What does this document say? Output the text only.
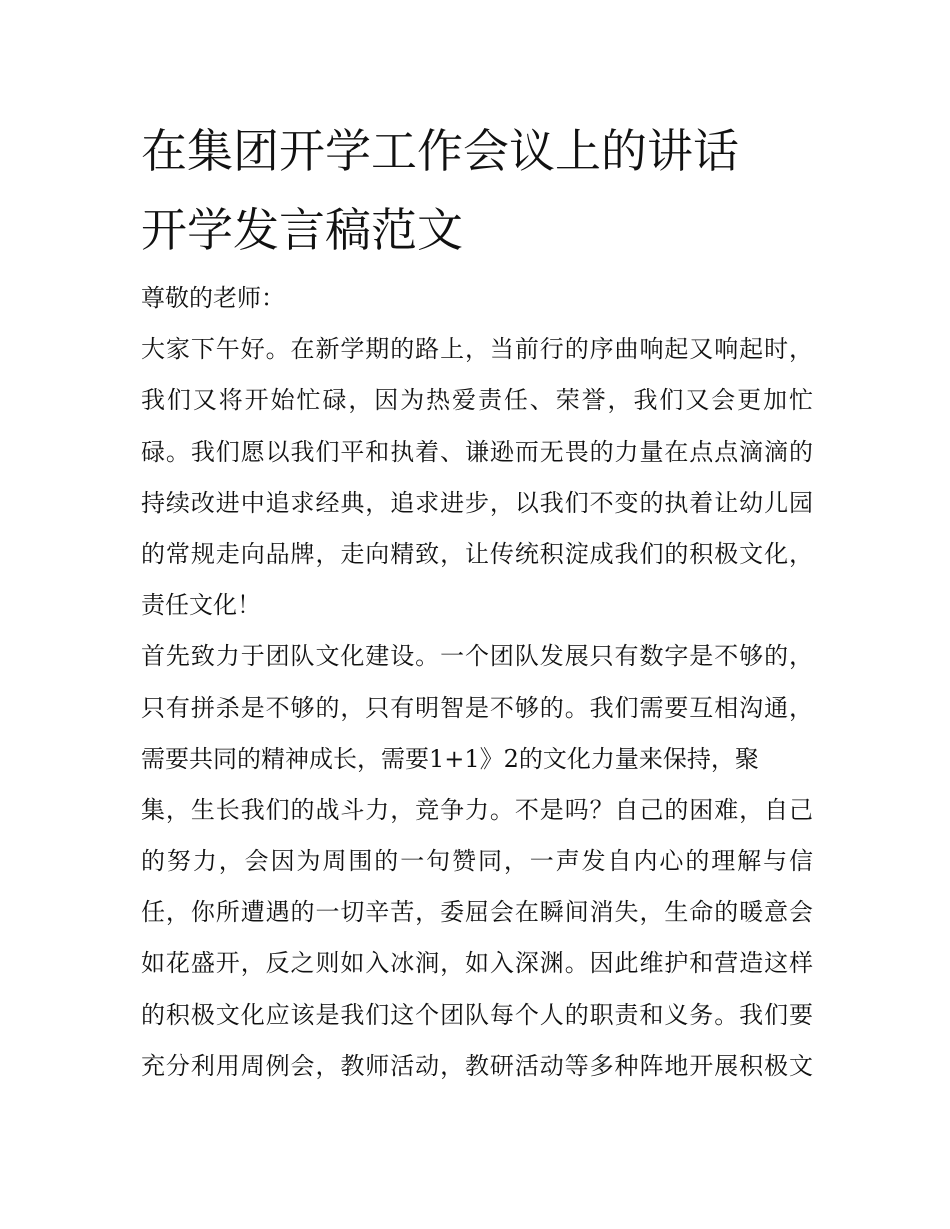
在集团开学工作会议上的讲话
开学发言稿范文
尊敬的老师：
大家下午好。在新学期的路上，当前行的序曲响起又响起时，
我们又将开始忙碌，因为热爱责任、荣誉，我们又会更加忙
碌。我们愿以我们平和执着、谦逊而无畏的力量在点点滴滴的
持续改进中追求经典，追求进步，以我们不变的执着让幼儿园
的常规走向品牌，走向精致，让传统积淀成我们的积极文化，
责任文化！
首先致力于团队文化建设。一个团队发展只有数字是不够的，
只有拼杀是不够的，只有明智是不够的。我们需要互相沟通，
需要共同的精神成长，需要1+1》2的文化力量来保持，聚
集，生长我们的战斗力，竞争力。不是吗？自己的困难，自己
的努力，会因为周围的一句赞同，一声发自内心的理解与信
任，你所遭遇的一切辛苦，委屈会在瞬间消失，生命的暖意会
如花盛开，反之则如入冰涧，如入深渊。因此维护和营造这样
的积极文化应该是我们这个团队每个人的职责和义务。我们要
充分利用周例会，教师活动，教研活动等多种阵地开展积极文
